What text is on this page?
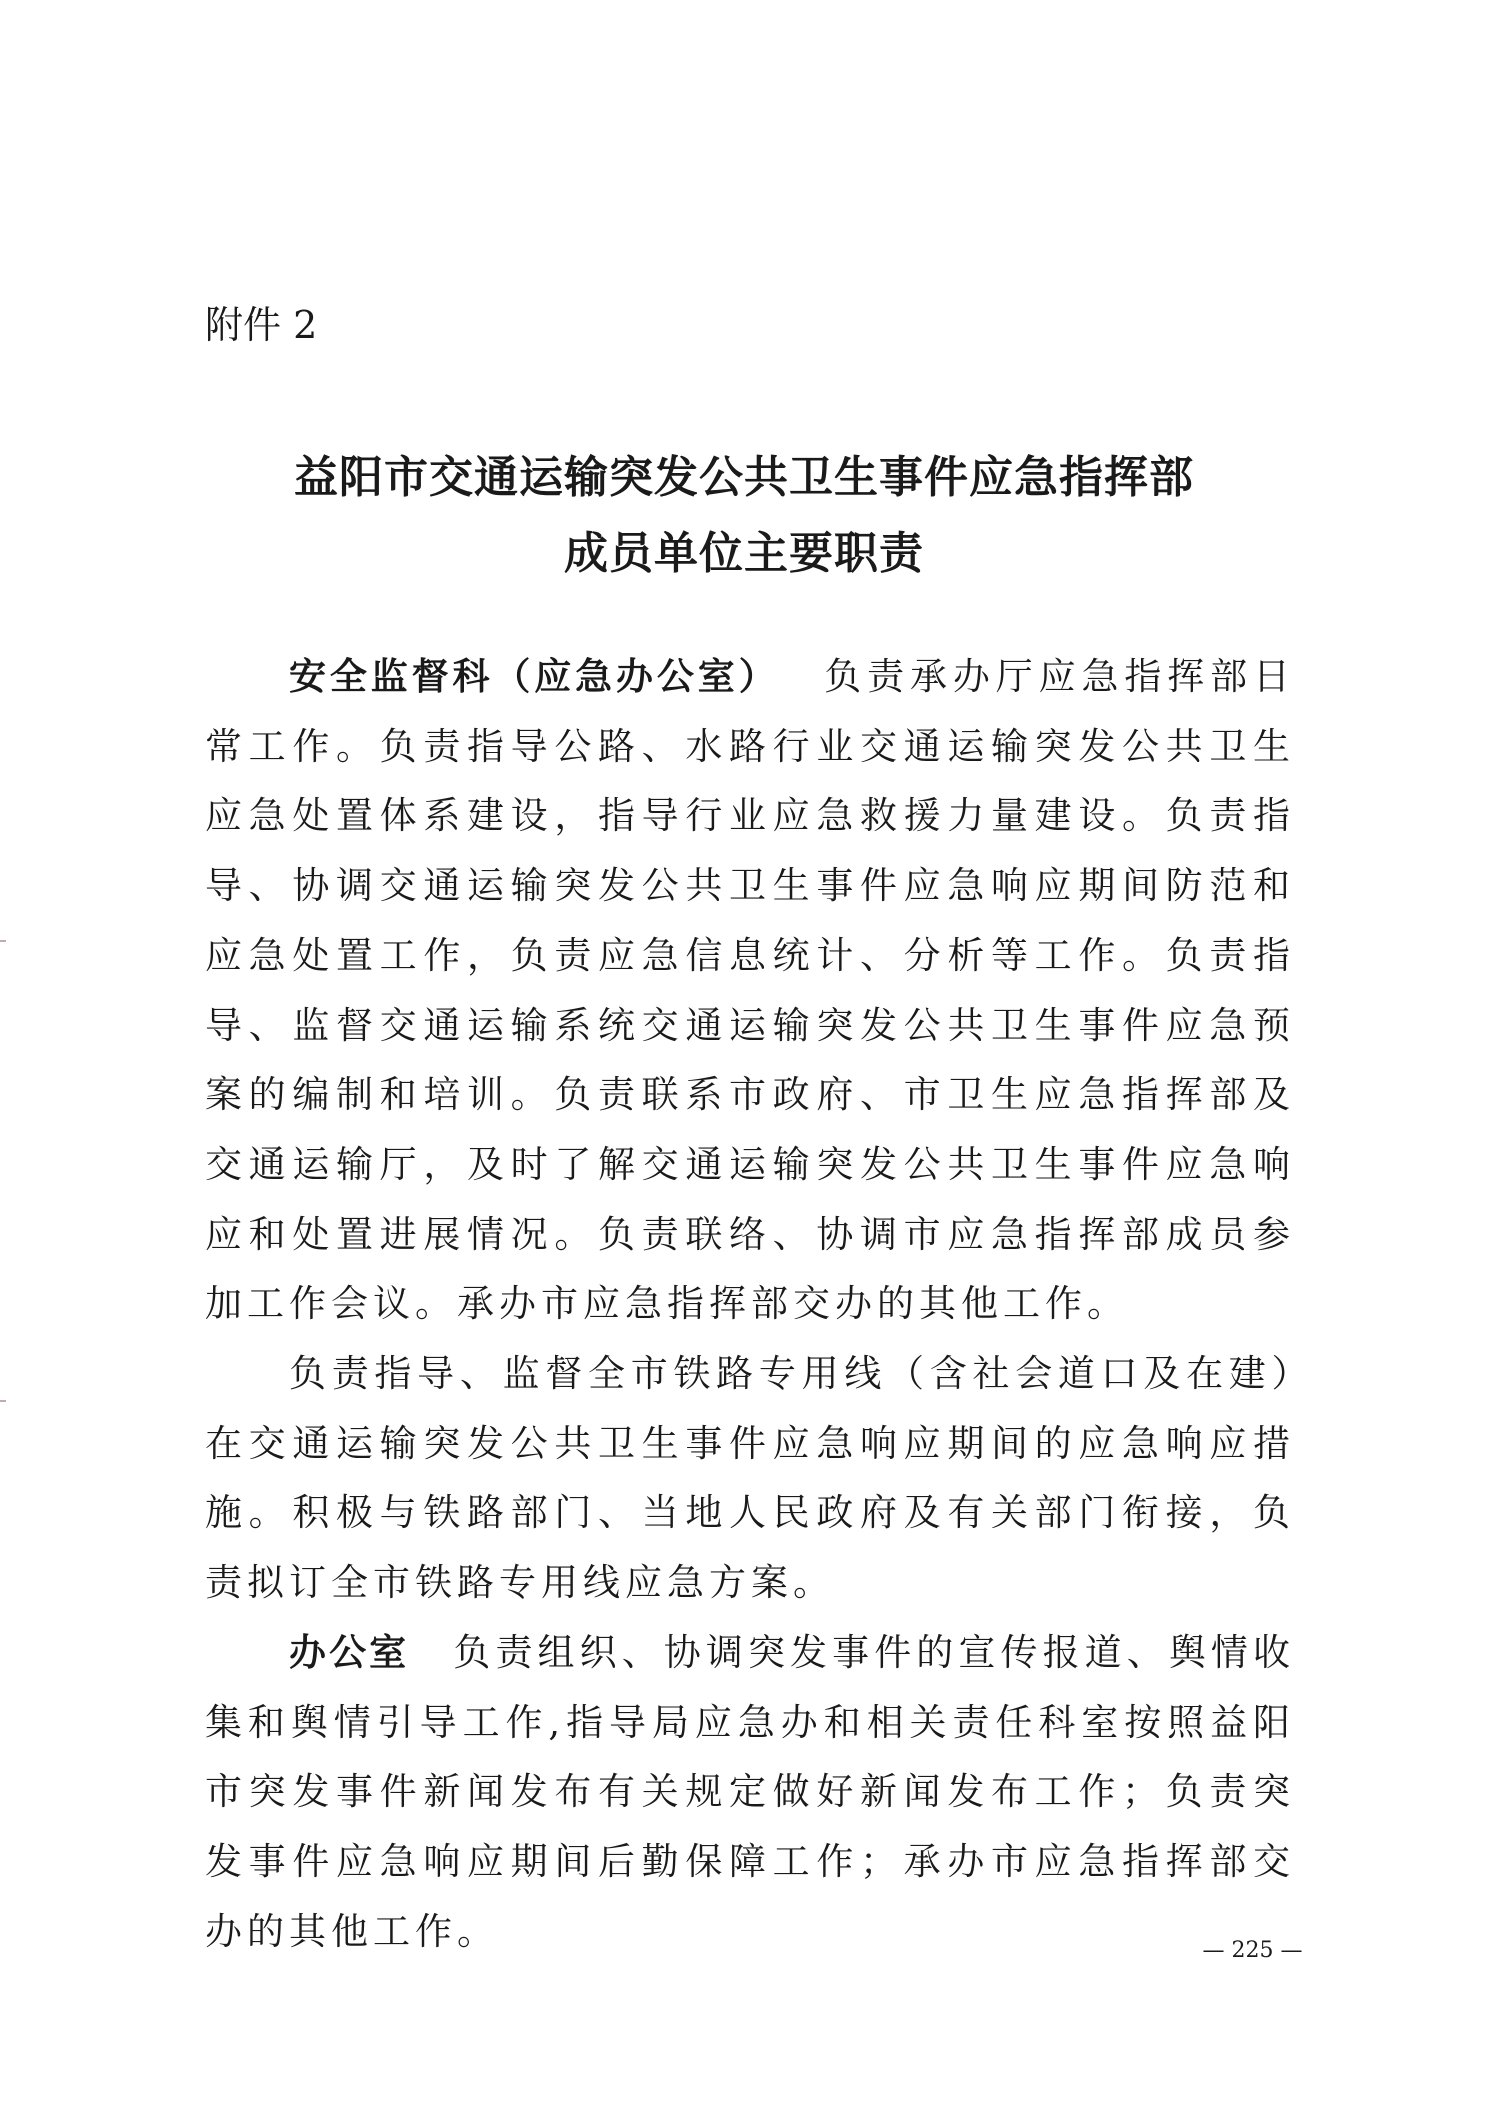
附件 2
益阳市交通运输突发公共卫生事件应急指挥部
成员单位主要职责

安全监督科（应急办公室） 负责承办厅应急指挥部日常工作。负责指导公路、水路行业交通运输突发公共卫生应急处置体系建设，指导行业应急救援力量建设。负责指导、协调交通运输突发公共卫生事件应急响应期间防范和应急处置工作，负责应急信息统计、分析等工作。负责指导、监督交通运输系统交通运输突发公共卫生事件应急预案的编制和培训。负责联系市政府、市卫生应急指挥部及交通运输厅，及时了解交通运输突发公共卫生事件应急响应和处置进展情况。负责联络、协调市应急指挥部成员参加工作会议。承办市应急指挥部交办的其他工作。

负责指导、监督全市铁路专用线（含社会道口及在建）在交通运输突发公共卫生事件应急响应期间的应急响应措施。积极与铁路部门、当地人民政府及有关部门衔接，负责拟订全市铁路专用线应急方案。

办公室 负责组织、协调突发事件的宣传报道、舆情收集和舆情引导工作,指导局应急办和相关责任科室按照益阳市突发事件新闻发布有关规定做好新闻发布工作；负责突发事件应急响应期间后勤保障工作；承办市应急指挥部交办的其他工作。	— 225 —
